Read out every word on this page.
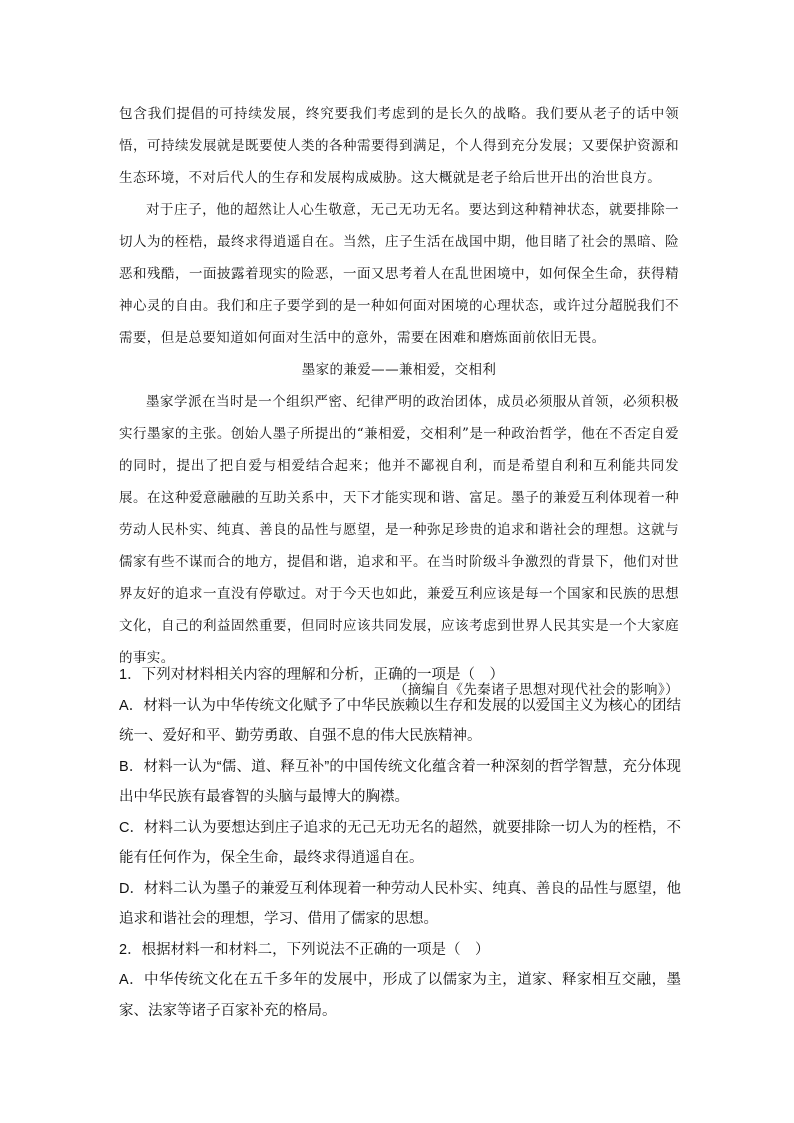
包含我们提倡的可持续发展，终究要我们考虑到的是长久的战略。我们要从老子的话中领悟，可持续发展就是既要使人类的各种需要得到满足，个人得到充分发展；又要保护资源和生态环境，不对后代人的生存和发展构成威胁。这大概就是老子给后世开出的治世良方。

对于庄子，他的超然让人心生敬意，无己无功无名。要达到这种精神状态，就要排除一切人为的桎梏，最终求得逍遥自在。当然，庄子生活在战国中期，他目睹了社会的黑暗、险恶和残酷，一面披露着现实的险恶，一面又思考着人在乱世困境中，如何保全生命，获得精神心灵的自由。我们和庄子要学到的是一种如何面对困境的心理状态，或许过分超脱我们不需要，但是总要知道如何面对生活中的意外，需要在困难和磨炼面前依旧无畏。

墨家的兼爱——兼相爱，交相利

墨家学派在当时是一个组织严密、纪律严明的政治团体，成员必须服从首领，必须积极实行墨家的主张。创始人墨子所提出的“兼相爱，交相利”是一种政治哲学，他在不否定自爱的同时，提出了把自爱与相爱结合起来；他并不鄙视自利，而是希望自利和互利能共同发展。在这种爱意融融的互助关系中，天下才能实现和谐、富足。墨子的兼爱互利体现着一种劳动人民朴实、纯真、善良的品性与愿望，是一种弥足珍贵的追求和谐社会的理想。这就与儒家有些不谋而合的地方，提倡和谐，追求和平。在当时阶级斗争激烈的背景下，他们对世界友好的追求一直没有停歇过。对于今天也如此，兼爱互利应该是每一个国家和民族的思想文化，自己的利益固然重要，但同时应该共同发展，应该考虑到世界人民其实是一个大家庭的事实。

（摘编自《先秦诸子思想对现代社会的影响》）

1．下列对材料相关内容的理解和分析，正确的一项是（　）

A．材料一认为中华传统文化赋予了中华民族赖以生存和发展的以爱国主义为核心的团结统一、爱好和平、勤劳勇敢、自强不息的伟大民族精神。

B．材料一认为“儒、道、释互补”的中国传统文化蕴含着一种深刻的哲学智慧，充分体现出中华民族有最睿智的头脑与最博大的胸襟。

C．材料二认为要想达到庄子追求的无己无功无名的超然，就要排除一切人为的桎梏，不能有任何作为，保全生命，最终求得逍遥自在。

D．材料二认为墨子的兼爱互利体现着一种劳动人民朴实、纯真、善良的品性与愿望，他追求和谐社会的理想，学习、借用了儒家的思想。

2．根据材料一和材料二，下列说法不正确的一项是（　）

A．中华传统文化在五千多年的发展中，形成了以儒家为主，道家、释家相互交融，墨家、法家等诸子百家补充的格局。
